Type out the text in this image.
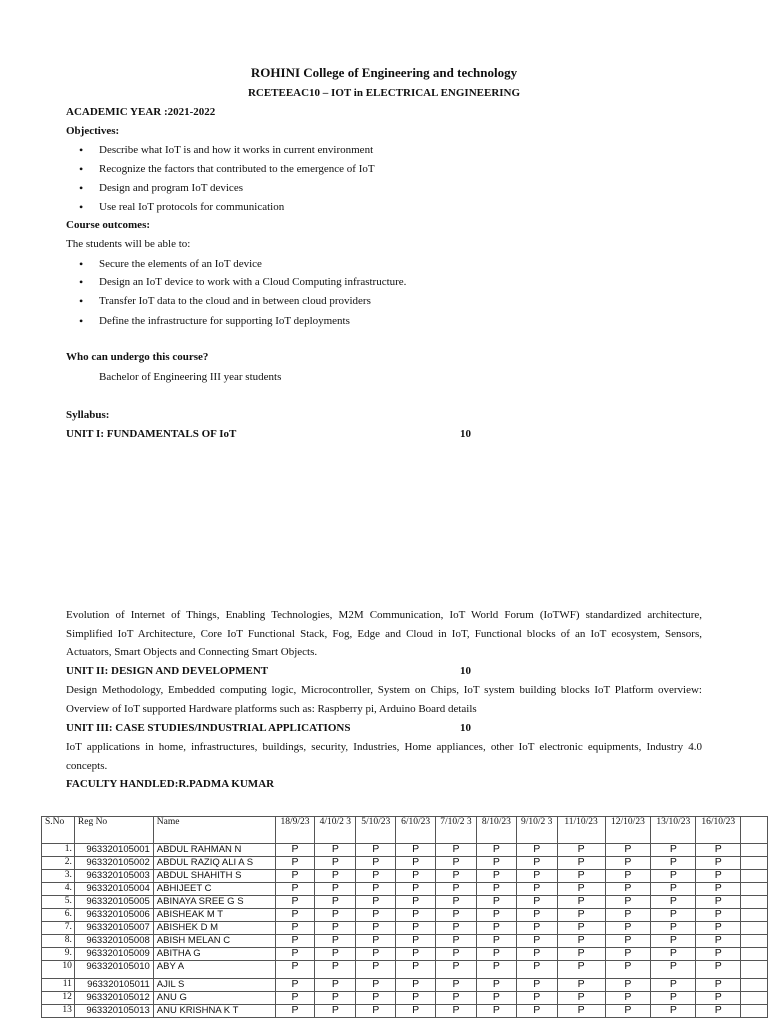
ROHINI College of Engineering and technology
RCETEEAC10 – IOT in ELECTRICAL ENGINEERING
ACADEMIC YEAR :2021-2022
Objectives:
• Describe what IoT is and how it works in current environment
• Recognize the factors that contributed to the emergence of IoT
• Design and program IoT devices
• Use real IoT protocols for communication
Course outcomes:
The students will be able to:
• Secure the elements of an IoT device
• Design an IoT device to work with a Cloud Computing infrastructure.
• Transfer IoT data to the cloud and in between cloud providers
• Define the infrastructure for supporting IoT deployments
Who can undergo this course?
Bachelor of Engineering III year students
Syllabus:
UNIT I: FUNDAMENTALS OF IoT	10
Evolution of Internet of Things, Enabling Technologies, M2M Communication, IoT World Forum (IoTWF) standardized architecture, Simplified IoT Architecture, Core IoT Functional Stack, Fog, Edge and Cloud in IoT, Functional blocks of an IoT ecosystem, Sensors, Actuators, Smart Objects and Connecting Smart Objects.
UNIT II: DESIGN AND DEVELOPMENT	10
Design Methodology, Embedded computing logic, Microcontroller, System on Chips, IoT system building blocks IoT Platform overview: Overview of IoT supported Hardware platforms such as: Raspberry pi, Arduino Board details
UNIT III: CASE STUDIES/INDUSTRIAL APPLICATIONS	10
IoT applications in home, infrastructures, buildings, security, Industries, Home appliances, other IoT electronic equipments, Industry 4.0 concepts.
FACULTY HANDLED:R.PADMA KUMAR
S.No	Reg No	Name	18/9/23	4/10/2 3	5/10/23	6/10/23	7/10/2 3	8/10/23	9/10/2 3	11/10/23	12/10/23	13/10/23	16/10/23	
1.	963320105001	ABDUL RAHMAN N	P	P	P	P	P	P	P	P	P	P	P	
2.	963320105002	ABDUL RAZIQ ALI A S	P	P	P	P	P	P	P	P	P	P	P	
3.	963320105003	ABDUL SHAHITH S	P	P	P	P	P	P	P	P	P	P	P	
4.	963320105004	ABHIJEET C	P	P	P	P	P	P	P	P	P	P	P	
5.	963320105005	ABINAYA SREE G S	P	P	P	P	P	P	P	P	P	P	P	
6.	963320105006	ABISHEAK M T	P	P	P	P	P	P	P	P	P	P	P	
7.	963320105007	ABISHEK D M	P	P	P	P	P	P	P	P	P	P	P	
8.	963320105008	ABISH MELAN C	P	P	P	P	P	P	P	P	P	P	P	
9.	963320105009	ABITHA G	P	P	P	P	P	P	P	P	P	P	P	
10	963320105010	ABY A	P	P	P	P	P	P	P	P	P	P	P	
11	963320105011	AJIL S	P	P	P	P	P	P	P	P	P	P	P	
12	963320105012	ANU G	P	P	P	P	P	P	P	P	P	P	P	
13	963320105013	ANU KRISHNA K T	P	P	P	P	P	P	P	P	P	P	P	
